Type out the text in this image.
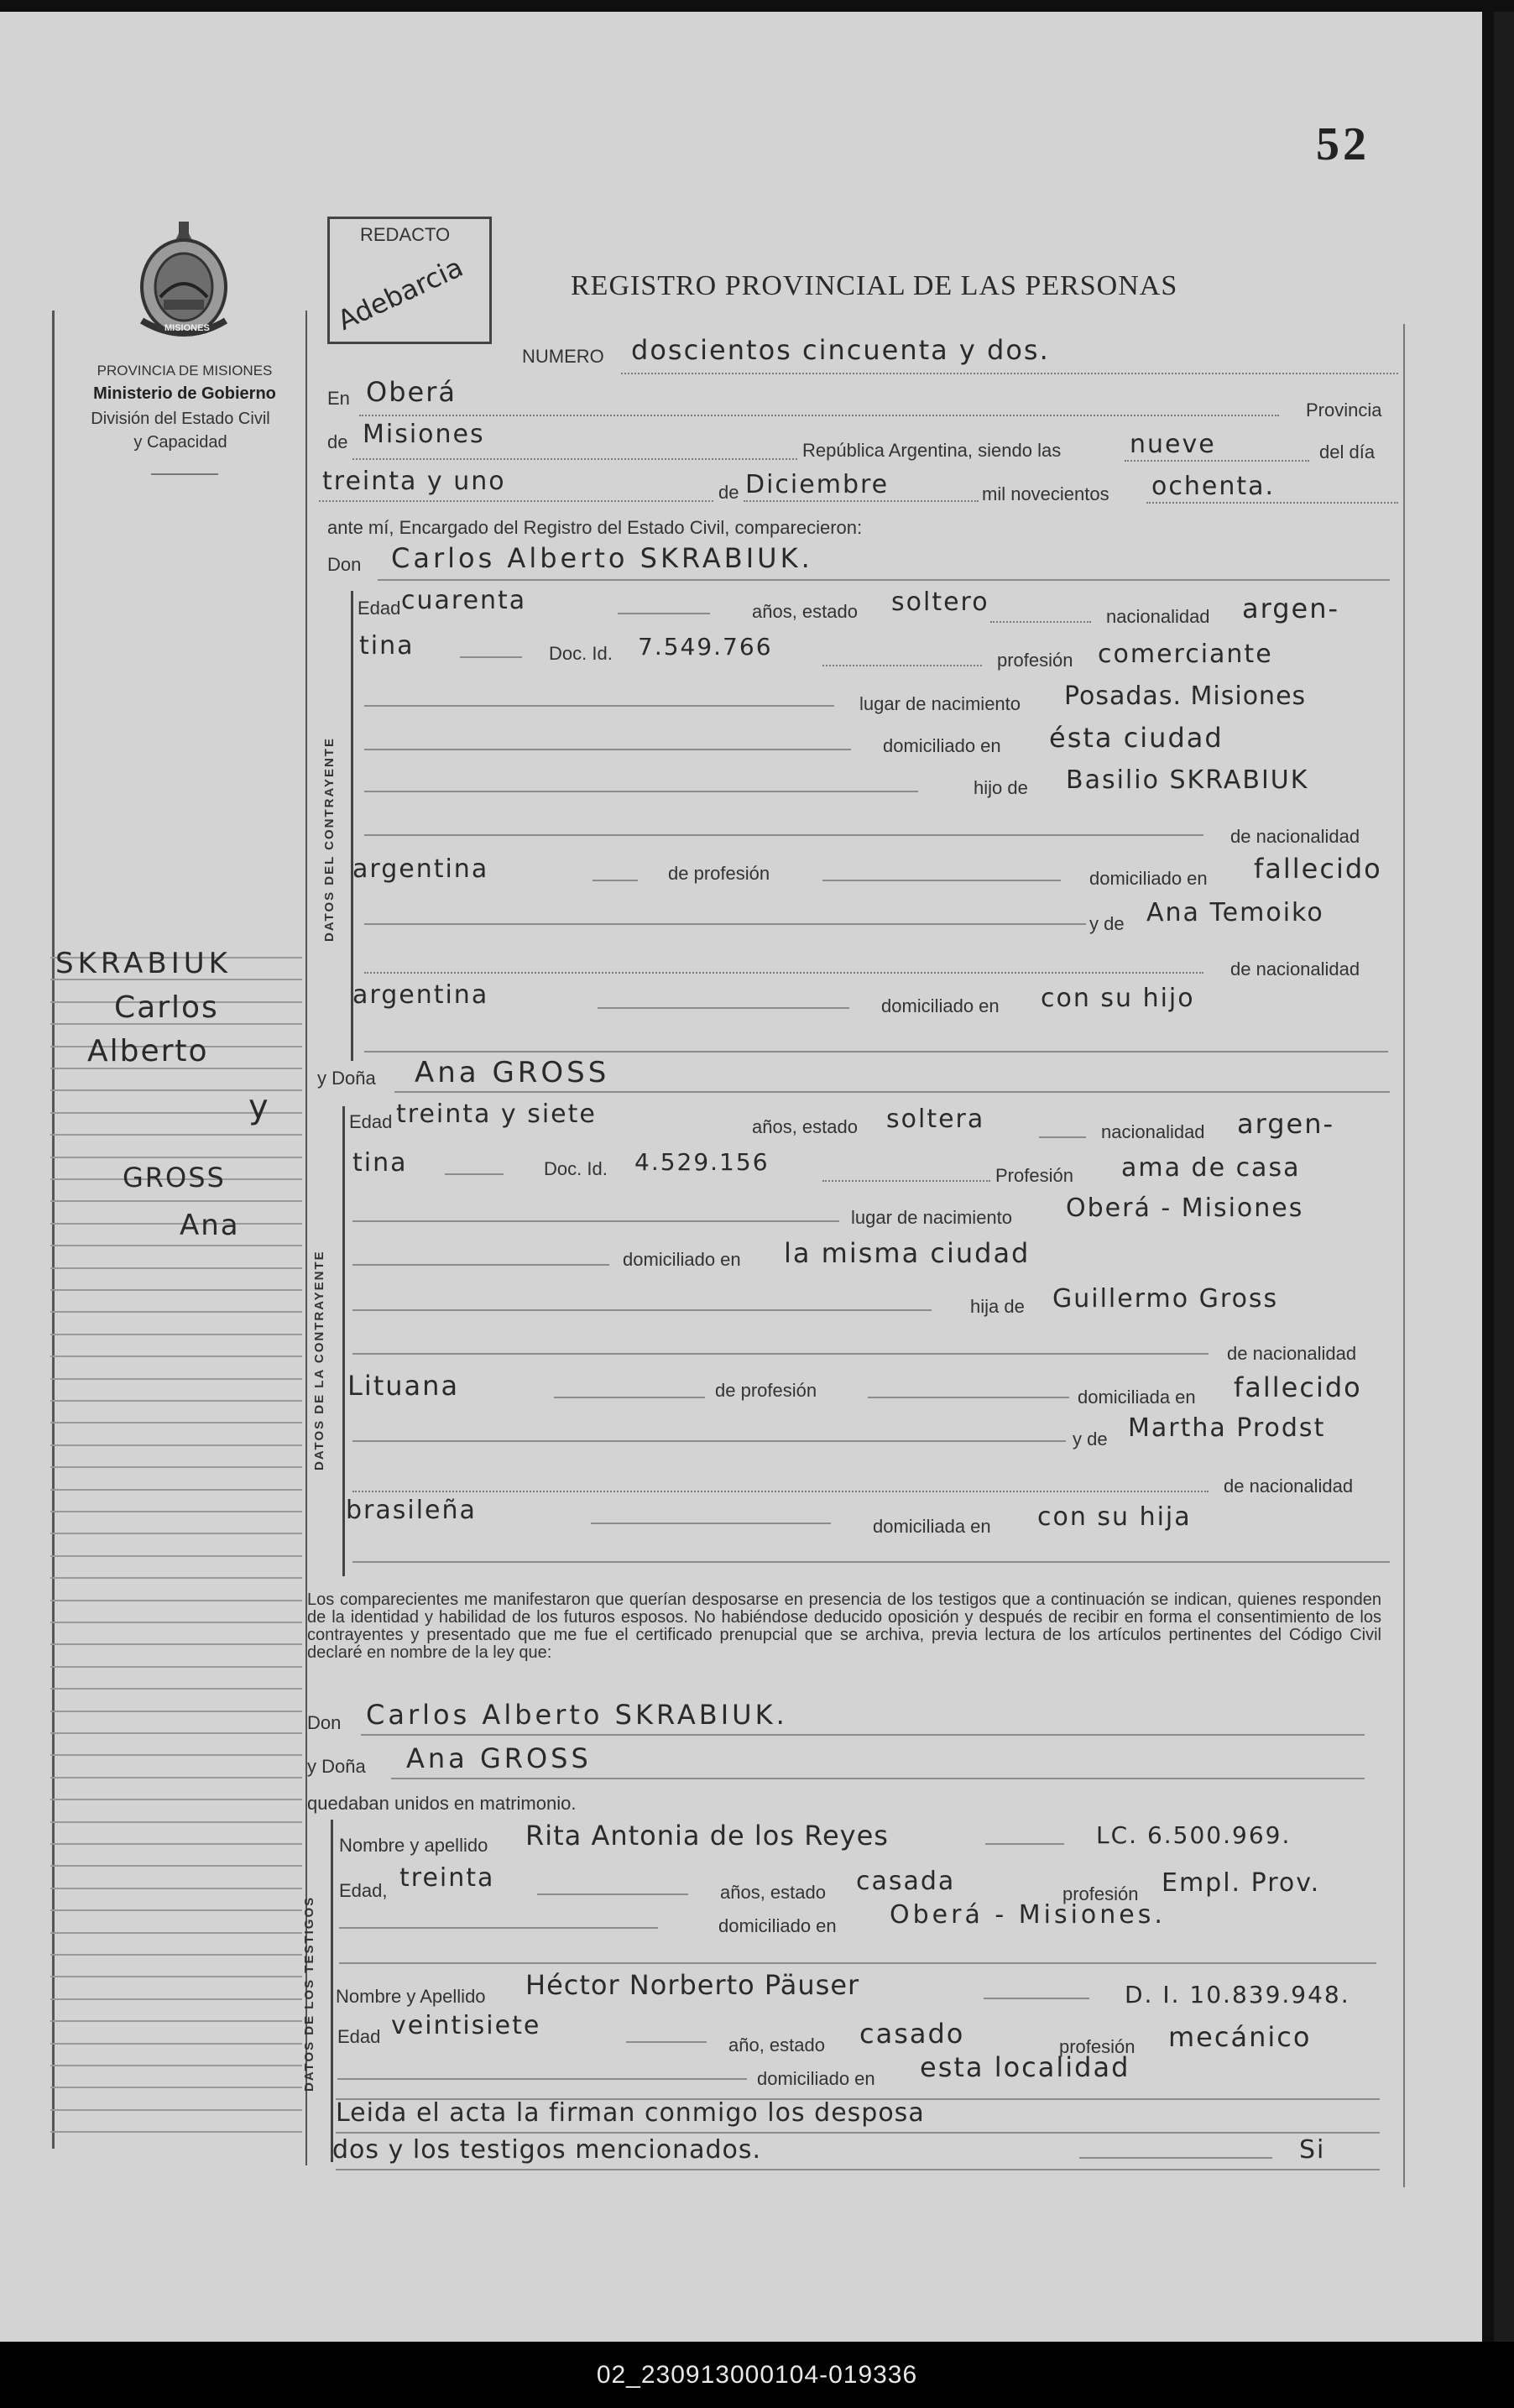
52
MISIONES
REDACTO
Adebarcia	REGISTRO PROVINCIAL DE LAS PERSONAS
PROVINCIA DE MISIONES
Ministerio de Gobierno
División del Estado Civil
y Capacidad
SKRABIUK
Carlos
Alberto
y
GROSS
Ana
NUMERO doscientos cincuenta y dos.
En Oberá
Provincia
de Misiones
República Argentina, siendo las	nueve	del día
treinta y uno	de Diciembre	mil novecientos ochenta.
ante mí, Encargado del Registro del Estado Civil, comparecieron:
Don Carlos Alberto SKRABIUK.
DATOS DEL CONTRAYENTE
Edad cuarenta	años, estado soltero	nacionalidad argen-
tina	Doc. Id. 7.549.766	profesión comerciante
lugar de nacimiento Posadas. Misiones
domiciliado en ésta ciudad
hijo de Basilio SKRABIUK
de nacionalidad
argentina	de profesión	domiciliado en fallecido
y de Ana Temoiko
de nacionalidad
argentina	domiciliado en con su hijo
y Doña Ana GROSS
DATOS DE LA CONTRAYENTE
Edad treinta y siete	años, estado soltera	nacionalidad argen-
tina	Doc. Id. 4.529.156	Profesión ama de casa
lugar de nacimiento Oberá - Misiones
domiciliado en la misma ciudad
hija de Guillermo Gross
de nacionalidad
Lituana	de profesión	domiciliada en fallecido
y de Martha Prodst
de nacionalidad
brasileña
domiciliada en con su hija
Los comparecientes me manifestaron que querían desposarse en presencia de los testigos que a continuación se indican, quienes responden de la identidad y habilidad de los futuros esposos. No habiéndose deducido oposición y después de recibir en forma el consentimiento de los contrayentes y presentado que me fue el certificado prenupcial que se archiva, previa lectura de los artículos pertinentes del Código Civil declaré en nombre de la ley que:
Don Carlos Alberto SKRABIUK.
y Doña Ana GROSS
quedaban unidos en matrimonio.
DATOS DE LOS TESTIGOS
Nombre y apellido Rita Antonia de los Reyes	LC. 6.500.969.
Edad, treinta	años, estado casada	profesión Empl. Prov.
domiciliado en Oberá - Misiones.
Nombre y Apellido Héctor Norberto Päuser	D. I. 10.839.948.
Edad veintisiete
año, estado casado	profesión mecánico
domiciliado en esta localidad
Leida el acta la firman conmigo los desposa
dos y los testigos mencionados.	Si
02_230913000104-019336
